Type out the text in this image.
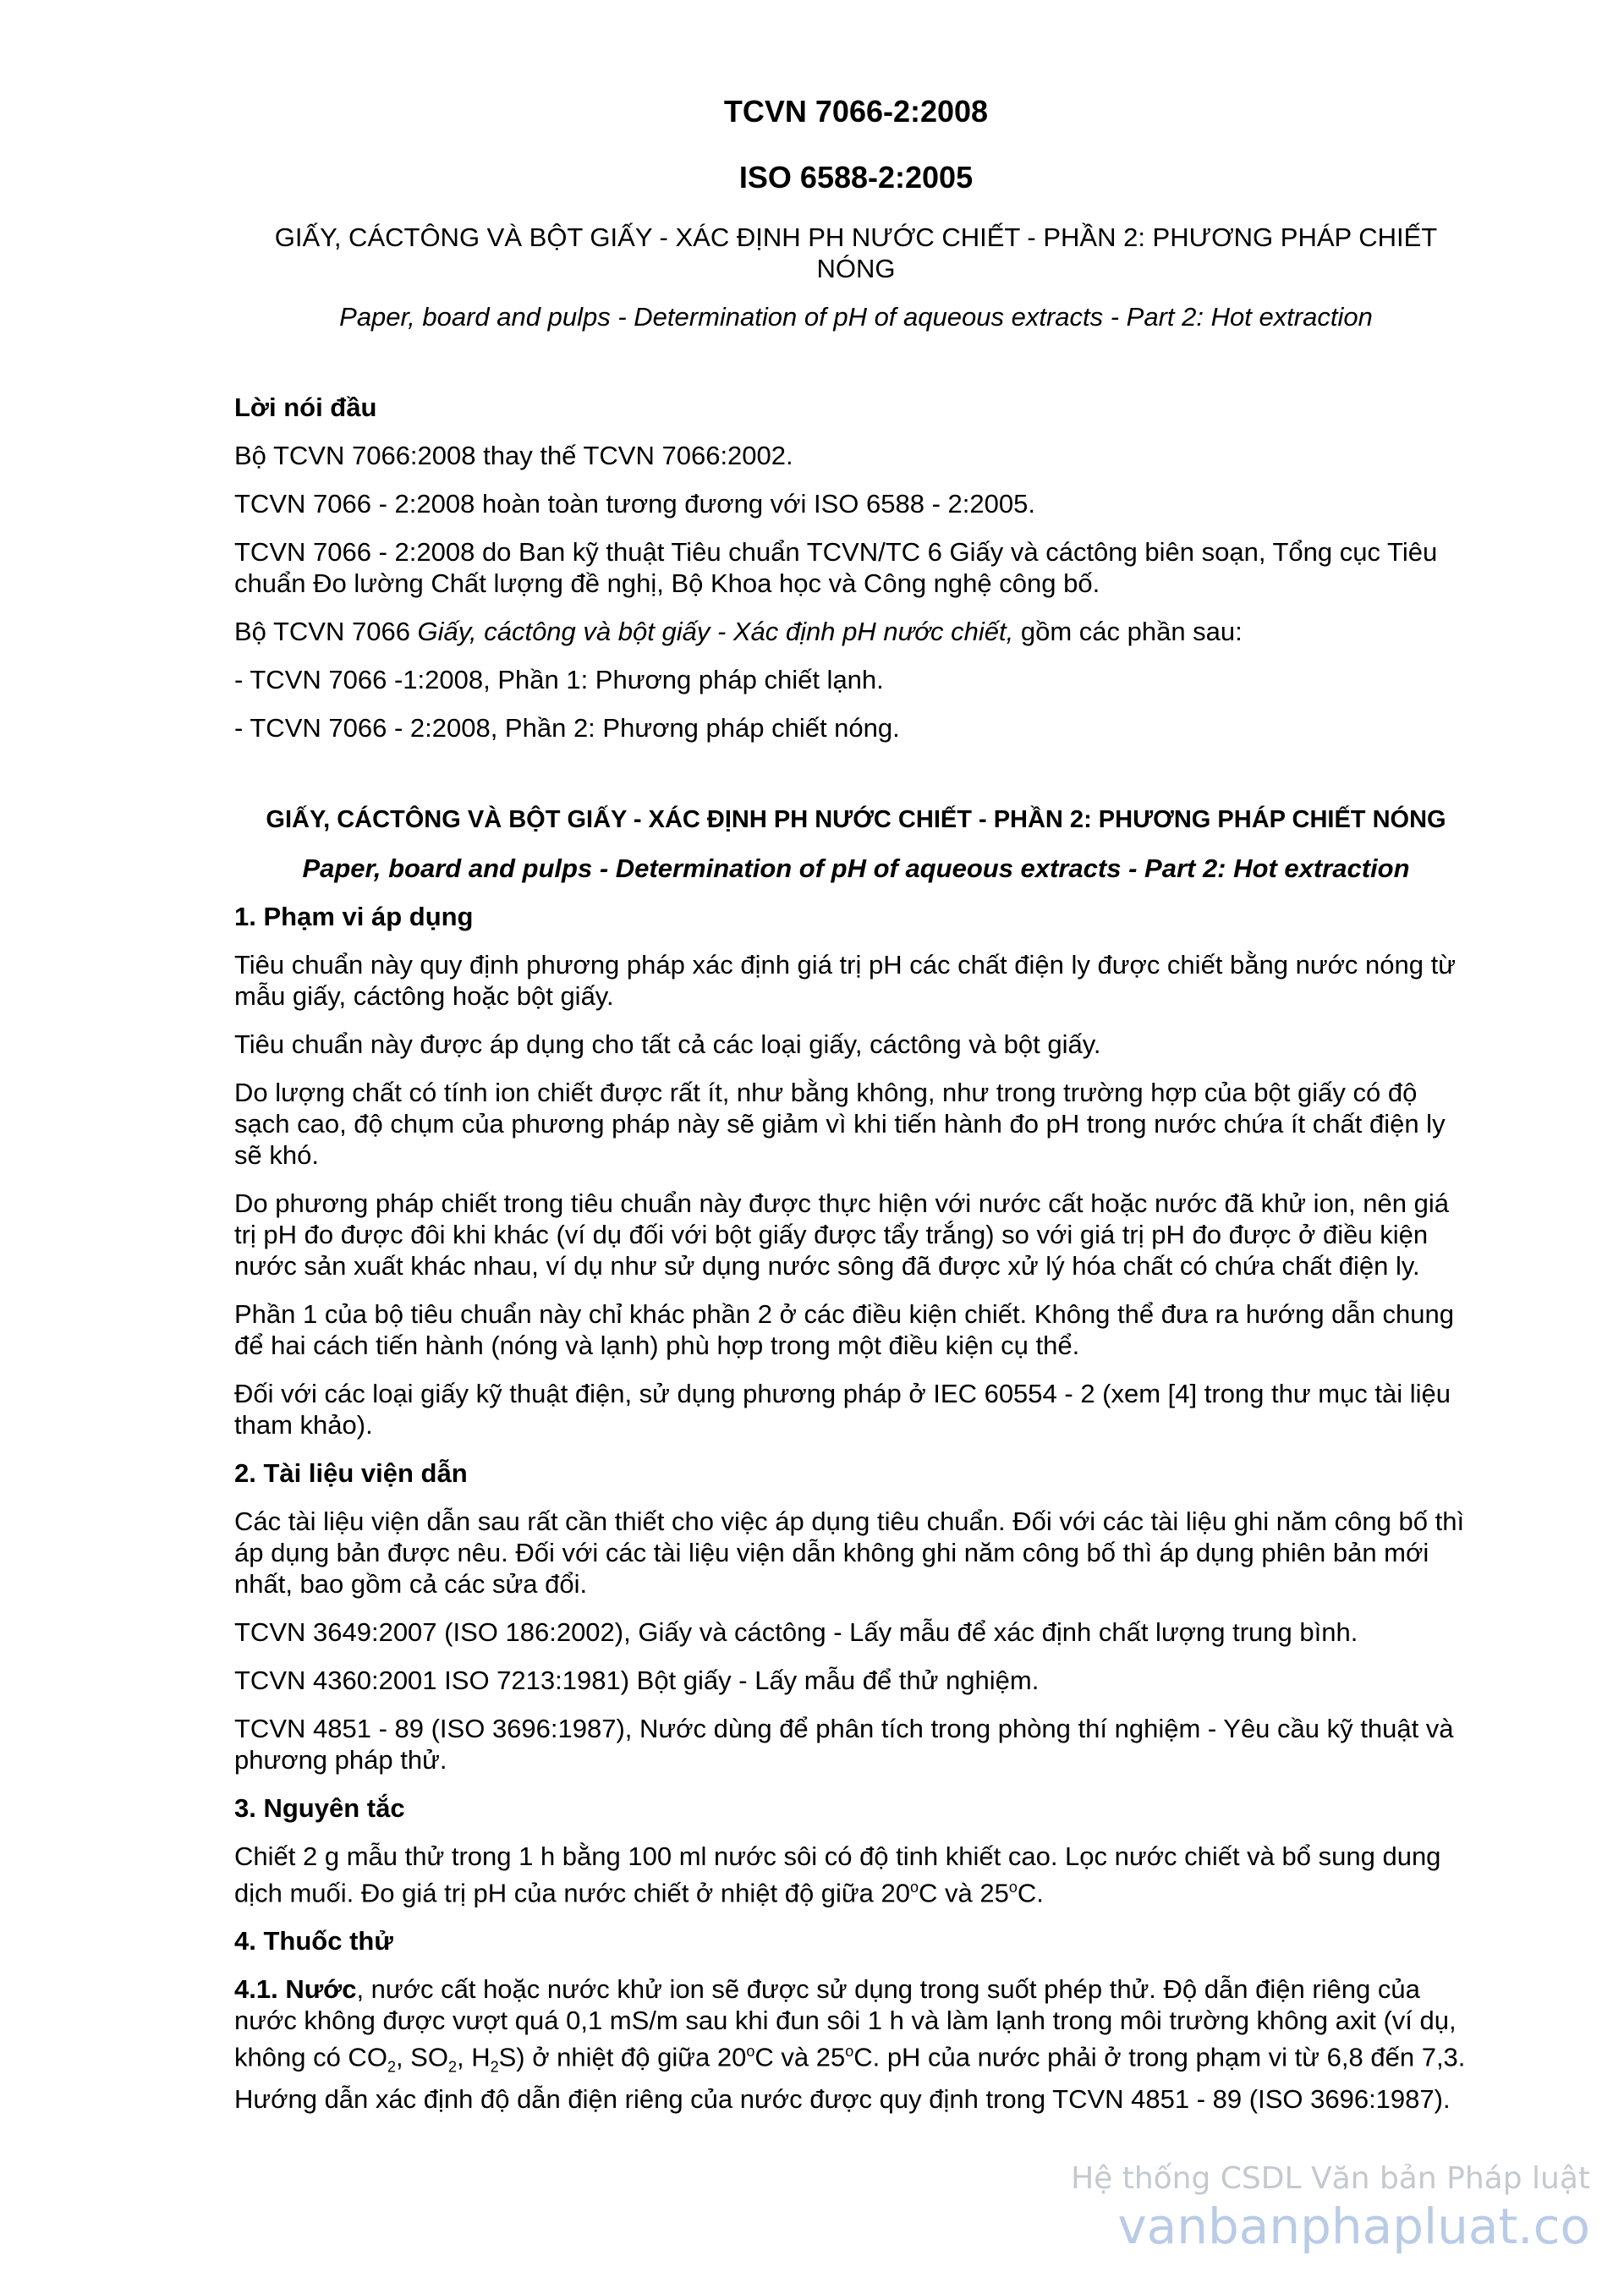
TCVN 7066-2:2008
ISO 6588-2:2005
GIẤY, CÁCTÔNG VÀ BỘT GIẤY - XÁC ĐỊNH PH NƯỚC CHIẾT - PHẦN 2: PHƯƠNG PHÁP CHIẾT NÓNG
Paper, board and pulps - Determination of pH of aqueous extracts - Part 2: Hot extraction
Lời nói đầu

Bộ TCVN 7066:2008 thay thế TCVN 7066:2002.

TCVN 7066 - 2:2008 hoàn toàn tương đương với ISO 6588 - 2:2005.

TCVN 7066 - 2:2008 do Ban kỹ thuật Tiêu chuẩn TCVN/TC 6 Giấy và cáctông biên soạn, Tổng cục Tiêu chuẩn Đo lường Chất lượng đề nghị, Bộ Khoa học và Công nghệ công bố.

Bộ TCVN 7066 Giấy, cáctông và bột giấy - Xác định pH nước chiết, gồm các phần sau:

- TCVN 7066 -1:2008, Phần 1: Phương pháp chiết lạnh.

- TCVN 7066 - 2:2008, Phần 2: Phương pháp chiết nóng.

GIẤY, CÁCTÔNG VÀ BỘT GIẤY - XÁC ĐỊNH PH NƯỚC CHIẾT - PHẦN 2: PHƯƠNG PHÁP CHIẾT NÓNG
Paper, board and pulps - Determination of pH of aqueous extracts - Part 2: Hot extraction
1. Phạm vi áp dụng

Tiêu chuẩn này quy định phương pháp xác định giá trị pH các chất điện ly được chiết bằng nước nóng từ mẫu giấy, cáctông hoặc bột giấy.

Tiêu chuẩn này được áp dụng cho tất cả các loại giấy, cáctông và bột giấy.

Do lượng chất có tính ion chiết được rất ít, như bằng không, như trong trường hợp của bột giấy có độ sạch cao, độ chụm của phương pháp này sẽ giảm vì khi tiến hành đo pH trong nước chứa ít chất điện ly sẽ khó.

Do phương pháp chiết trong tiêu chuẩn này được thực hiện với nước cất hoặc nước đã khử ion, nên giá trị pH đo được đôi khi khác (ví dụ đối với bột giấy được tẩy trắng) so với giá trị pH đo được ở điều kiện nước sản xuất khác nhau, ví dụ như sử dụng nước sông đã được xử lý hóa chất có chứa chất điện ly.

Phần 1 của bộ tiêu chuẩn này chỉ khác phần 2 ở các điều kiện chiết. Không thể đưa ra hướng dẫn chung để hai cách tiến hành (nóng và lạnh) phù hợp trong một điều kiện cụ thể.

Đối với các loại giấy kỹ thuật điện, sử dụng phương pháp ở IEC 60554 - 2 (xem [4] trong thư mục tài liệu tham khảo).

2. Tài liệu viện dẫn

Các tài liệu viện dẫn sau rất cần thiết cho việc áp dụng tiêu chuẩn. Đối với các tài liệu ghi năm công bố thì áp dụng bản được nêu. Đối với các tài liệu viện dẫn không ghi năm công bố thì áp dụng phiên bản mới nhất, bao gồm cả các sửa đổi.

TCVN 3649:2007 (ISO 186:2002), Giấy và cáctông - Lấy mẫu để xác định chất lượng trung bình.

TCVN 4360:2001 ISO 7213:1981) Bột giấy - Lấy mẫu để thử nghiệm.

TCVN 4851 - 89 (ISO 3696:1987), Nước dùng để phân tích trong phòng thí nghiệm - Yêu cầu kỹ thuật và phương pháp thử.

3. Nguyên tắc

Chiết 2 g mẫu thử trong 1 h bằng 100 ml nước sôi có độ tinh khiết cao. Lọc nước chiết và bổ sung dung dịch muối. Đo giá trị pH của nước chiết ở nhiệt độ giữa 20$^o$C và 25$^o$C.

4. Thuốc thử

4.1. Nước, nước cất hoặc nước khử ion sẽ được sử dụng trong suốt phép thử. Độ dẫn điện riêng của nước không được vượt quá 0,1 mS/m sau khi đun sôi 1 h và làm lạnh trong môi trường không axit (ví dụ, không có $CO_2$, $SO_2$, $H_2S$) ở nhiệt độ giữa 20$^o$C và 25$^o$C. pH của nước phải ở trong phạm vi từ 6,8 đến 7,3. Hướng dẫn xác định độ dẫn điện riêng của nước được quy định trong TCVN 4851 - 89 (ISO 3696:1987).

Hệ thống CSDL Văn bản Pháp luật
vanbanphapluat.co
